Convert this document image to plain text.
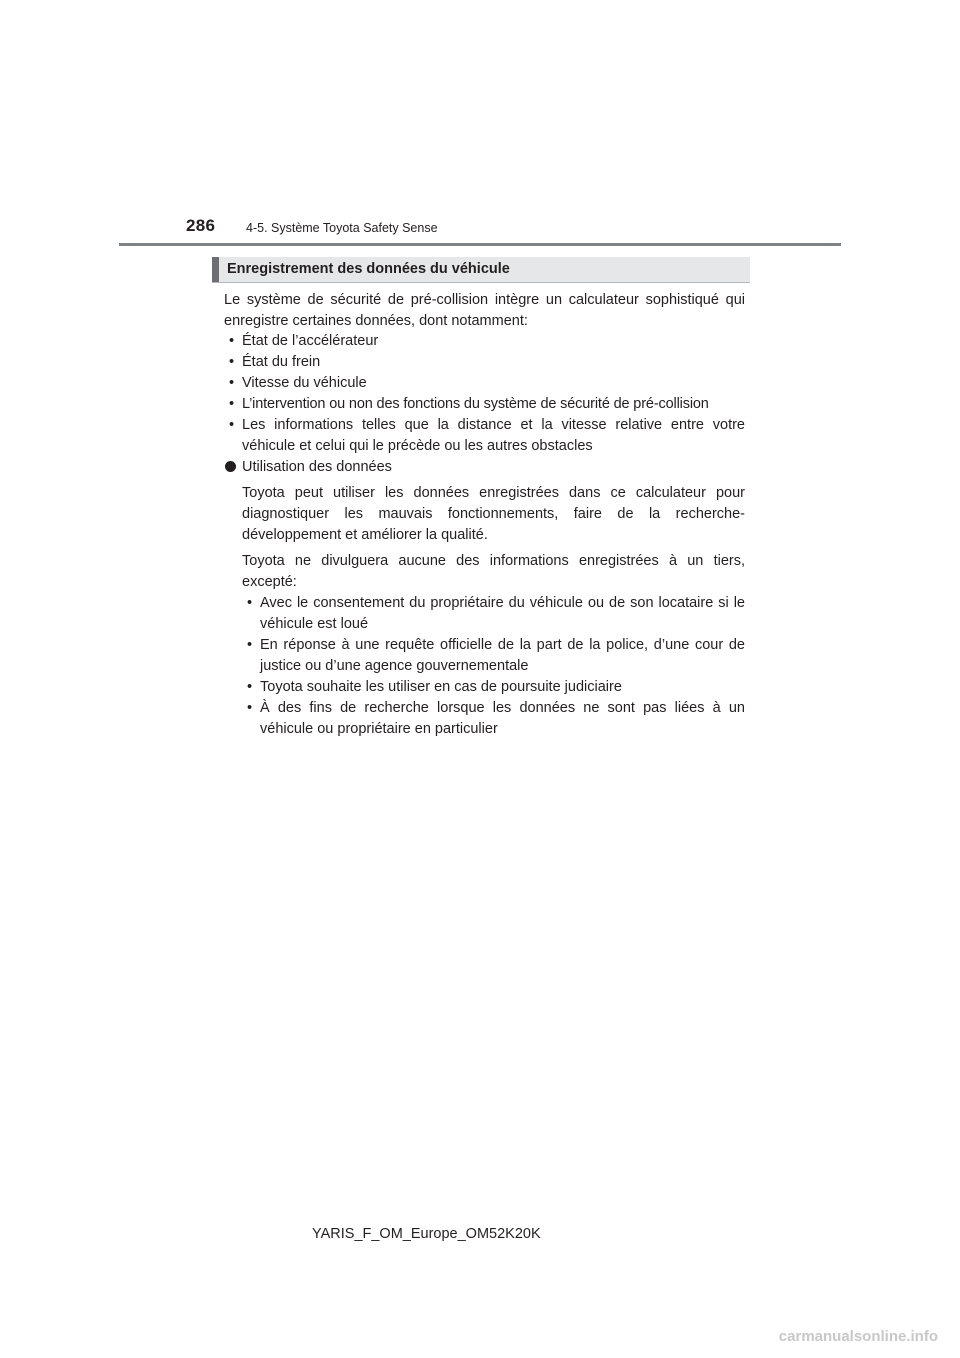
286 4-5. Système Toyota Safety Sense
Enregistrement des données du véhicule
Le système de sécurité de pré-collision intègre un calculateur sophistiqué qui enregistre certaines données, dont notamment:
• État de l’accélérateur
• État du frein
• Vitesse du véhicule
• L’intervention ou non des fonctions du système de sécurité de pré-collision
• Les informations telles que la distance et la vitesse relative entre votre véhicule et celui qui le précède ou les autres obstacles
Utilisation des données
Toyota peut utiliser les données enregistrées dans ce calculateur pour diagnostiquer les mauvais fonctionnements, faire de la recherche-développement et améliorer la qualité.
Toyota ne divulguera aucune des informations enregistrées à un tiers, excepté:
• Avec le consentement du propriétaire du véhicule ou de son locataire si le véhicule est loué
• En réponse à une requête officielle de la part de la police, d’une cour de justice ou d’une agence gouvernementale
• Toyota souhaite les utiliser en cas de poursuite judiciaire
• À des fins de recherche lorsque les données ne sont pas liées à un véhicule ou propriétaire en particulier
YARIS_F_OM_Europe_OM52K20K
carmanualsonline.info
